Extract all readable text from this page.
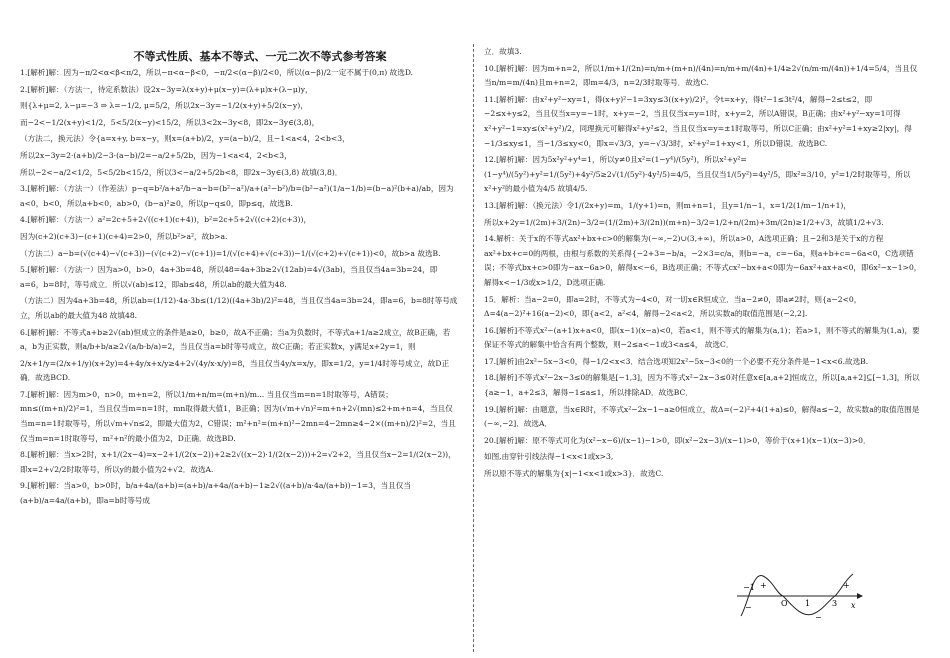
不等式性质、基本不等式、一元二次不等式参考答案
1.[解析]解：因为−π/2<α<β<π/2，所以−π<α−β<0，−π/2<(α−β)/2<0，所以(α−β)/2一定不属于(0,π) 故选D.
2.[解析]解：（方法一，待定系数法）设2x−3y=λ(x+y)+μ(x−y)=(λ+μ)x+(λ−μ)y，
则{λ+μ=2, λ−μ=−3 ⇒ λ=−1/2, μ=5/2，所以2x−3y=−1/2(x+y)+5/2(x−y)，
而−2<−1/2(x+y)<1/2，5<5/2(x−y)<15/2，所以3<2x−3y<8，即2x−3y∈(3,8)，
（方法二，换元法）令{a=x+y, b=x−y，则x=(a+b)/2，y=(a−b)/2，且−1<a<4，2<b<3，
所以2x−3y=2·(a+b)/2−3·(a−b)/2=−a/2+5/2b，因为−1<a<4，2<b<3，
所以−2<−a/2<1/2，5<5/2b<15/2，所以3<−a/2+5/2b<8，即2x−3y∈(3,8) 故填(3,8)．
3.[解析]解：（方法一）（作差法）p−q=b²/a+a²/b−a−b=(b²−a²)/a+(a²−b²)/b=(b²−a²)(1/a−1/b)=(b−a)²(b+a)/ab，因为a<0，b<0，所以a+b<0，ab>0，(b−a)²≥0，所以p−q≤0，即p≤q，故选B.
4.[解析]解：（方法一）a²=2c+5+2√((c+1)(c+4))，b²=2c+5+2√((c+2)(c+3))，
因为(c+2)(c+3)−(c+1)(c+4)=2>0，所以b²>a²，故b>a.
（方法二）a−b=(√(c+4)−√(c+3))−(√(c+2)−√(c+1))=1/(√(c+4)+√(c+3))−1/(√(c+2)+√(c+1))<0，故b>a 故选B.
5.[解析]解：（方法一）因为a>0，b>0，4a+3b=48，所以48=4a+3b≥2√(12ab)=4√(3ab)，当且仅当4a=3b=24，即a=6，b=8时，等号成立．所以√(ab)≤12，即ab≤48，所以ab的最大值为48.
（方法二）因为4a+3b=48，所以ab=(1/12)·4a·3b≤(1/12)((4a+3b)/2)²=48，当且仅当4a=3b=24，即a=6，b=8时等号成立，所以ab的最大值为48 故填48.
6.[解析]解：不等式a+b≥2√(ab)恒成立的条件是a≥0，b≥0，故A不正确；当a为负数时，不等式a+1/a≥2成立，故B正确，若a，b为正实数，则a/b+b/a≥2√(a/b·b/a)=2，当且仅当a=b时等号成立，故C正确；若正实数x，y满足x+2y=1，则
2/x+1/y=(2/x+1/y)(x+2y)=4+4y/x+x/y≥4+2√(4y/x·x/y)=8，当且仅当4y/x=x/y，即x=1/2，y=1/4时等号成立，故D正确．故选BCD.
7.[解析]解：因为m>0，n>0，m+n=2，所以1/m+n/m=(m+n)/m... 当且仅当m=n=1时取等号，A错误；mn≤((m+n)/2)²=1，当且仅当m=n=1时，mn取得最大值1，B正确；因为(√m+√n)²=m+n+2√(mn)≤2+m+n=4，当且仅当m=n=1时取等号，所以√m+√n≤2，即最大值为2，C错误；m²+n²=(m+n)²−2mn=4−2mn≥4−2×((m+n)/2)²=2，当且仅当m=n=1时取等号，m²+n²的最小值为2，D正确．故选BD.
8.[解析]解：当x>2时，x+1/(2x−4)=x−2+1/(2(x−2))+2≥2√((x−2)·1/(2(x−2)))+2=√2+2，当且仅当x−2=1/(2(x−2))，即x=2+√2/2时取等号，所以y的最小值为2+√2．故选A.
9.[解析]解：当a>0，b>0时，b/a+4a/(a+b)=(a+b)/a+4a/(a+b)−1≥2√((a+b)/a·4a/(a+b))−1=3，当且仅当(a+b)/a=4a/(a+b)，即a=b时等号成
立．故填3.
10.[解析]解：因为m+n=2，所以1/m+1/(2n)=n/m+(m+n)/(4n)=n/m+m/(4n)+1/4≥2√(n/m·m/(4n))+1/4=5/4，当且仅当n/m=m/(4n)且m+n=2，即m=4/3，n=2/3时取等号．故选C.
11.[解析]解：由x²+y²−xy=1，得(x+y)²−1=3xy≤3((x+y)/2)²，令t=x+y，得t²−1≤3t²/4，解得−2≤t≤2，即−2≤x+y≤2，当且仅当x=y=−1时，x+y=−2，当且仅当x=y=1时，x+y=2，所以A错误，B正确；由x²+y²−xy=1可得x²+y²−1=xy≤(x²+y²)/2，同理换元可解得x²+y²≤2，当且仅当x=y=±1时取等号，所以C正确；由x²+y²=1+xy≥2|xy|，得−1/3≤xy≤1，当−1/3≤xy<0，即x=√3/3，y=−√3/3时，x²+y²=1+xy<1，所以D错误．故选BC.
12.[解析]解：因为5x²y²+y⁴=1，所以y≠0且x²=(1−y⁴)/(5y²)，所以x²+y²=(1−y⁴)/(5y²)+y²=1/(5y²)+4y²/5≥2√(1/(5y²)·4y²/5)=4/5，当且仅当1/(5y²)=4y²/5，即x²=3/10，y²=1/2时取等号，所以x²+y²的最小值为4/5 故填4/5.
13.[解析]解：（换元法）令1/(2x+y)=m，1/(y+1)=n，则m+n=1，且y=1/n−1，x=1/2(1/m−1/n+1)，
所以x+2y=1/(2m)+3/(2n)−3/2=(1/(2m)+3/(2n))(m+n)−3/2=1/2+n/(2m)+3m/(2n)≥1/2+√3，故填1/2+√3.
14.解析：关于x的不等式ax²+bx+c>0的解集为(−∞,−2)∪(3,+∞)，所以a>0，A选项正确；且−2和3是关于x的方程ax²+bx+c=0的两根，由根与系数的关系得{−2+3=−b/a，−2×3=c/a，则b=−a，c=−6a，则a+b+c=−6a<0，C选项错误；不等式bx+c>0即为−ax−6a>0，解得x<−6，B选项正确；不等式cx²−bx+a<0即为−6ax²+ax+a<0，即6x²−x−1>0，解得x<−1/3或x>1/2，D选项正确.
15．解析：当a−2=0，即a=2时，不等式为−4<0，对一切x∈R恒成立．当a−2≠0，即a≠2时，则{a−2<0，Δ=4(a−2)²+16(a−2)<0，即{a<2，a²<4，解得−2<a<2．所以实数a的取值范围是(−2,2].
16.[解析]不等式x²−(a+1)x+a<0，即(x−1)(x−a)<0，若a<1，则不等式的解集为(a,1)；若a>1，则不等式的解集为(1,a)，要保证不等式的解集中恰含有两个整数，则−2≤a<−1或3<a≤4， 故选C．
17.[解析]由2x²−5x−3<0，得−1/2<x<3．结合选项知2x²−5x−3<0的一个必要不充分条件是−1<x<6.故选B.
18.[解析]不等式x²−2x−3≤0的解集是[−1,3]，因为不等式x²−2x−3≤0对任意x∈[a,a+2]恒成立，所以[a,a+2]⊆[−1,3]，所以{a≥−1，a+2≤3，解得−1≤a≤1，所以排除AD．故选BC．
19.[解析]解：由题意，当x∈R时，不等式x²−2x−1−a≥0恒成立，故Δ=(−2)²+4(1+a)≤0，解得a≤−2，故实数a的取值范围是(−∞,−2]．故选A．
20.[解析]解：原不等式可化为(x²−x−6)/(x−1)−1>0，即(x²−2x−3)/(x−1)>0，等价于(x+1)(x−1)(x−3)>0．
如图,由穿针引线法得−1<x<1或x>3,
所以原不等式的解集为{x|−1<x<1或x>3}．故选C.
−1
O 1	3 x
+	+
−
−
